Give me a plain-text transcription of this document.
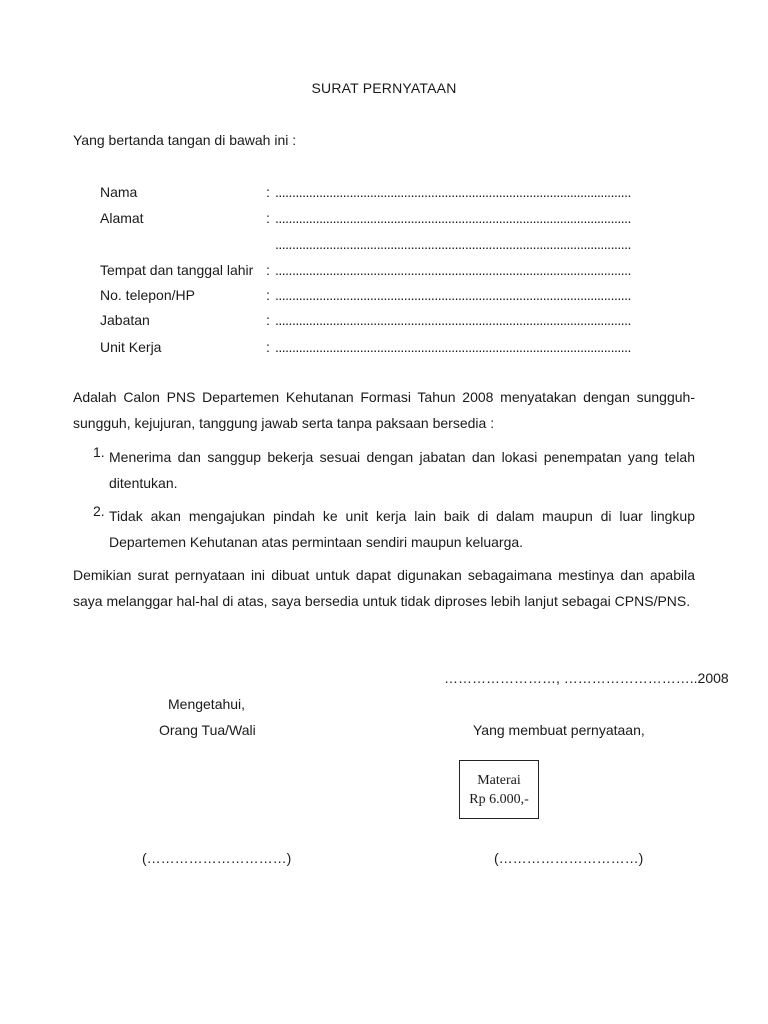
SURAT PERNYATAAN
Yang bertanda tangan di bawah ini :
Nama	: .........................................................................................................
Alamat	: .........................................................................................................
.........................................................................................................
Tempat dan tanggal lahir : .........................................................................................................
No. telepon/HP	: .........................................................................................................
Jabatan	: .........................................................................................................
Unit Kerja	: .........................................................................................................
Adalah Calon PNS Departemen Kehutanan Formasi Tahun 2008 menyatakan dengan sungguh-
sungguh, kejujuran, tanggung jawab serta tanpa paksaan bersedia :
1. Menerima dan sanggup bekerja sesuai dengan jabatan dan lokasi penempatan yang telah
ditentukan.
2. Tidak akan mengajukan pindah ke unit kerja lain baik di dalam maupun di luar lingkup
Departemen Kehutanan atas permintaan sendiri maupun keluarga.
Demikian surat pernyataan ini dibuat untuk dapat digunakan sebagaimana mestinya dan apabila
saya melanggar hal-hal di atas, saya bersedia untuk tidak diproses lebih lanjut sebagai CPNS/PNS.
……………………, ………………………..2008
Mengetahui,
Orang Tua/Wali	Yang membuat pernyataan,
Materai
Rp 6.000,-
(…………………………)	(…………………………)
